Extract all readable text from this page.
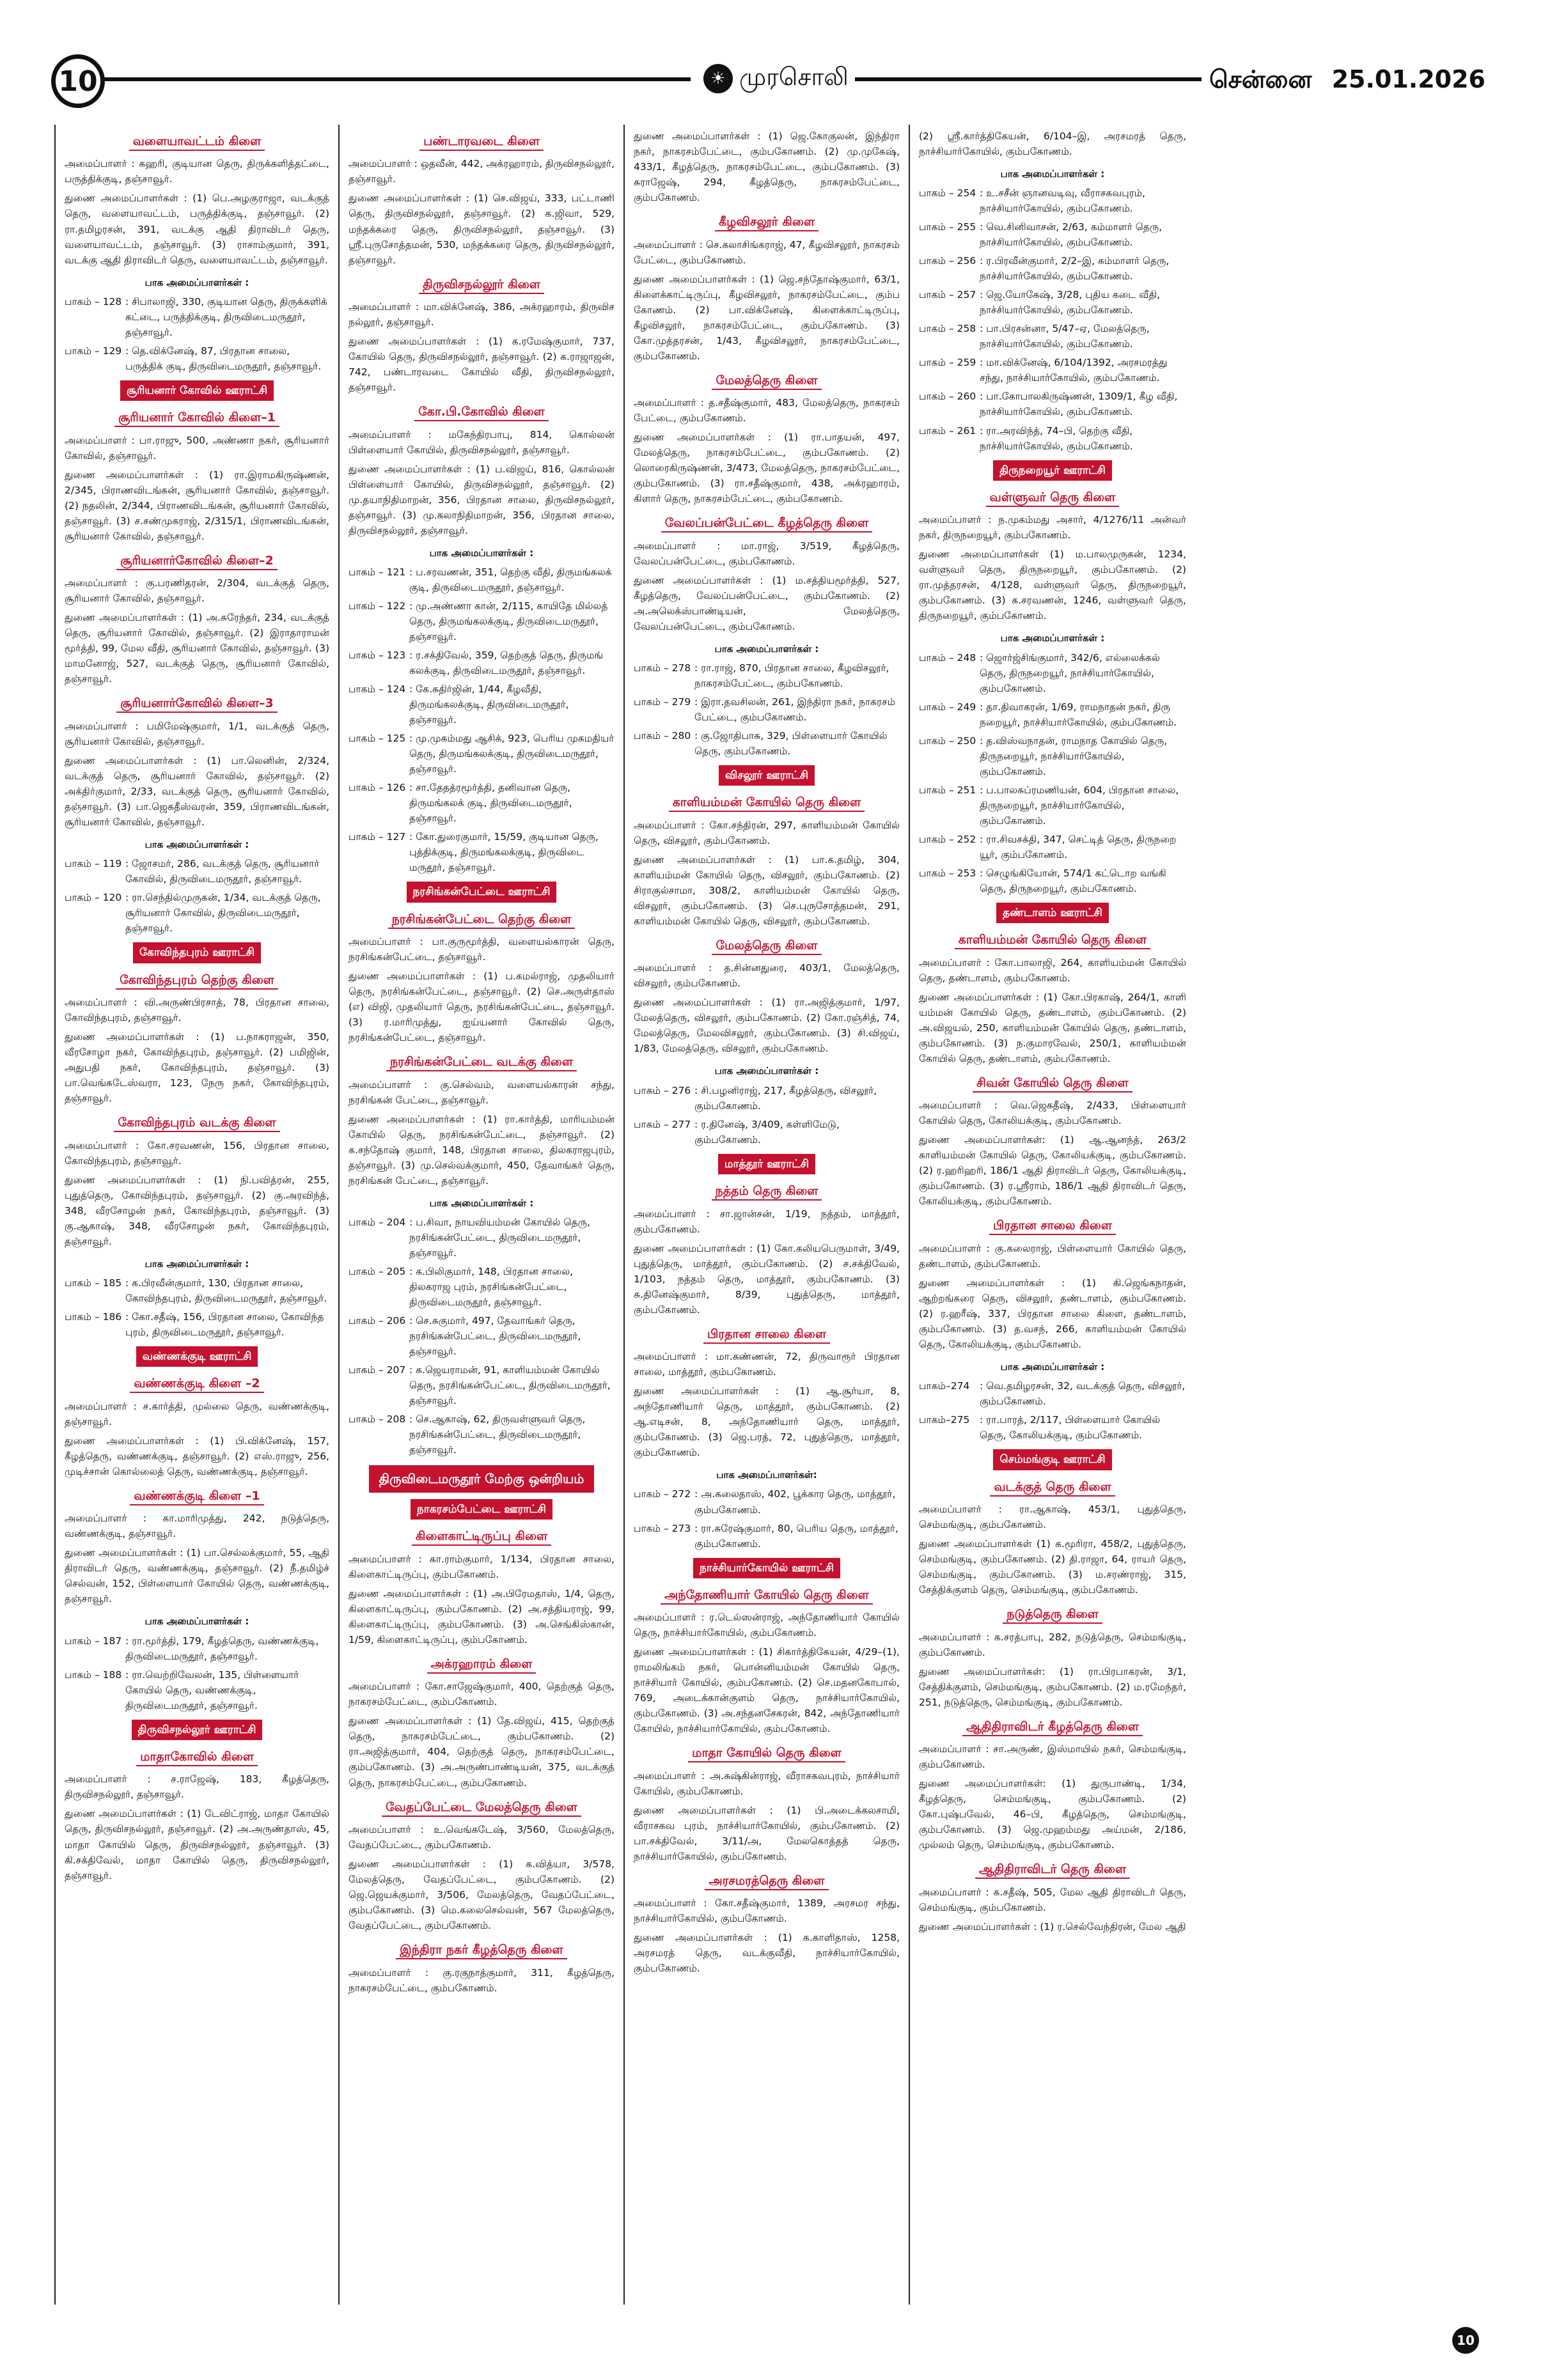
10	☀ முரசொலி	சென்னை 25.01.2026
வளையாவட்டம் கிளை

அமைப்பாளர் : கஹரி, குடியான தெரு, திருக்களித்தட்டை, பருத்திக்குடி, தஞ்சாவூர்.

துணை அமைப்பாளர்கள் : (1) பெ.அழகுராஜா, வடக்குத் தெரு, வளையாவட்டம், பருத்திக்குடி, தஞ்சாவூர். (2) ரா.தமிழரசன், 391, வடக்கு ஆதி திராவிடர் தெரு, வளையாவட்டம், தஞ்சாவூர். (3) ராசாம்குமார், 391, வடக்கு ஆதி திராவிடர் தெரு, வளையாவட்டம், தஞ்சாவூர்.

பாக அமைப்பாளர்கள் :
பாகம் – 128 : சிபாலாஜி, 330, குடியான தெரு, திருக்களிக் கட்டை, பருத்திக்குடி, திருவிடைமருதூர், தஞ்சாவூர்.
பாகம் – 129 : தெ.விக்னேஷ், 87, பிரதான சாலை, பருத்திக் குடி, திருவிடைமருதூர், தஞ்சாவூர்.
சூரியனார் கோவில் ஊராட்சி
சூரியனார் கோவில் கிளை–1

அமைப்பாளர் : பா.ராஜு, 500, அண்ணா நகர், சூரியனார் கோவில், தஞ்சாவூர்.

துணை அமைப்பாளர்கள் : (1) ரா.இராமகிருஷ்ணன், 2/345, பிராணவிடங்கன், சூரியனார் கோவில், தஞ்சாவூர். (2) நதலின், 2/344, பிராணவிடங்கன், சூரியனார் கோவில், தஞ்சாவூர். (3) ச.சண்முகராஜ், 2/315/1, பிராணவிடங்கன், சூரியனார் கோவில், தஞ்சாவூர்.

சூரியனார்கோவில் கிளை–2

அமைப்பாளர் : கு.பரணிதரன், 2/304, வடக்குத் தெரு, சூரியனார் கோவில், தஞ்சாவூர்.

துணை அமைப்பாளர்கள் : (1) அ.சுரேந்தர், 234, வடக்குத் தெரு, சூரியனார் கோவில், தஞ்சாவூர். (2) இராதாராமன் மூர்த்தி, 99, மேல வீதி, சூரியனார் கோவில், தஞ்சாவூர். (3) மாமனோஜ், 527, வடக்குத் தெரு, சூரியனார் கோவில், தஞ்சாவூர்.

சூரியனார்கோவில் கிளை–3

அமைப்பாளர் : பமிமேஷ்குமார், 1/1, வடக்குத் தெரு, சூரியனார் கோவில், தஞ்சாவூர்.

துணை அமைப்பாளர்கள் : (1) பா.லெனின், 2/324, வடக்குத் தெரு, சூரியனார் கோவில், தஞ்சாவூர். (2) அக்திர்குமார், 2/33, வடக்குத் தெரு, சூரியனார் கோவில், தஞ்சாவூர். (3) பா.ஜெகதீஸ்வரன், 359, பிராணவிடங்கன், சூரியனார் கோவில், தஞ்சாவூர்.

பாக அமைப்பாளர்கள் :
பாகம் – 119 : ஜோசமர், 286, வடக்குத் தெரு, சூரியனார் கோவில், திருவிடைமருதூர், தஞ்சாவூர்.
பாகம் – 120 : ரா.செந்தில்முருகன், 1/34, வடக்குத் தெரு, சூரியனார் கோவில், திருவிடைமருதூர், தஞ்சாவூர்.
கோவிந்தபுரம் ஊராட்சி
கோவிந்தபுரம் தெற்கு கிளை

அமைப்பாளர் : வி.அருண்பிரசாத், 78, பிரதான சாலை, கோவிந்தபுரம், தஞ்சாவூர்.

துணை அமைப்பாளர்கள் : (1) ப.நாகராஜன், 350, வீரசோழா நகர், கோவிந்தபுரம், தஞ்சாவூர். (2) பமிஜின், அதுபதி நகர், கோவிந்தபுரம், தஞ்சாவூர். (3) பா.வெங்கடேஸ்வரா, 123, நேரு நகர், கோவிந்தபுரம், தஞ்சாவூர்.

கோவிந்தபுரம் வடக்கு கிளை

அமைப்பாளர் : கோ.சரவணன், 156, பிரதான சாலை, கோவிந்தபுரம், தஞ்சாவூர்.

துணை அமைப்பாளர்கள் : (1) நி.பவித்ரன், 255, புதுத்தெரு, கோவிந்தபுரம், தஞ்சாவூர். (2) கு.அரவிந்த், 348, வீரசோழன் நகர், கோவிந்தபுரம், தஞ்சாவூர். (3) கு.ஆகாஷ், 348, வீரசோழன் நகர், கோவிந்தபுரம், தஞ்சாவூர்.

பாக அமைப்பாளர்கள் :
பாகம் – 185 : க.பிரவீன்குமார், 130, பிரதான சாலை, கோவிந்தபுரம், திருவிடைமருதூர், தஞ்சாவூர்.
பாகம் – 186 : கோ.சதீஷ், 156, பிரதான சாலை, கோவிந்த புரம், திருவிடைமருதூர், தஞ்சாவூர்.
வண்ணக்குடி ஊராட்சி
வண்ணக்குடி கிளை –2

அமைப்பாளர் : ச.கார்த்தி, முல்லை தெரு, வண்ணக்குடி, தஞ்சாவூர்.

துணை அமைப்பாளர்கள் : (1) பி.விக்னேஷ், 157, கீழத்தெரு, வண்ணக்குடி, தஞ்சாவூர். (2) எஸ்.ராஜு, 256, முடிச்சான் கொல்லைத் தெரு, வண்ணக்குடி, தஞ்சாவூர்.

வண்ணக்குடி கிளை –1

அமைப்பாளர் : கா.மாரிமுத்து, 242, நடுத்தெரு, வண்ணக்குடி, தஞ்சாவூர்.

துணை அமைப்பாளர்கள் : (1) பா.செல்லக்குமார், 55, ஆதி திராவிடர் தெரு, வண்ணக்குடி, தஞ்சாவூர். (2) நீ.தமிழ்ச் செல்வன், 152, பிள்ளையார் கோயில் தெரு, வண்ணக்குடி, தஞ்சாவூர்.

பாக அமைப்பாளர்கள் :
பாகம் – 187 : ரா.மூர்த்தி, 179, கீழத்தெரு, வண்ணக்குடி, திருவிடைமருதூர், தஞ்சாவூர்.
பாகம் – 188 : ரா.வெற்றிவேலன், 135, பிள்ளையார் கோயில் தெரு, வண்ணக்குடி, திருவிடைமருதூர், தஞ்சாவூர்.
திருவிசநல்லூர் ஊராட்சி
மாதாகோவில் கிளை

அமைப்பாளர் : ச.ராஜேஷ், 183, கீழத்தெரு, திருவிசநல்லூர், தஞ்சாவூர்.

துணை அமைப்பாளர்கள் : (1) டேவிட்ராஜ், மாதா கோயில் தெரு, திருவிசநல்லூர், தஞ்சாவூர். (2) அ.அருண்தாஸ், 45, மாதா கோயில் தெரு, திருவிசநல்லூர், தஞ்சாவூர். (3) கி.சக்திவேல், மாதா கோயில் தெரு, திருவிசநல்லூர், தஞ்சாவூர்.

பண்டாரவடை கிளை

அமைப்பாளர் : ஒதவீன், 442, அக்ரஹாரம், திருவிசநல்லூர், தஞ்சாவூர்.

துணை அமைப்பாளர்கள் : (1) செ.விஜய், 333, பட்டாணி தெரு, திருவிசநல்லூர், தஞ்சாவூர். (2) க.ஜிவா, 529, மந்தக்கரை தெரு, திருவிசநல்லூர், தஞ்சாவூர். (3) ஸ்ரீ.புருசோத்தமன், 530, மந்தக்கரை தெரு, திருவிசநல்லூர், தஞ்சாவூர்.

திருவிசநல்லூர் கிளை

அமைப்பாளர் : மா.விக்னேஷ், 386, அக்ரஹாரம், திருவிச நல்லூர், தஞ்சாவூர்.

துணை அமைப்பாளர்கள் : (1) க.ரமேஷ்குமார், 737, கோயில் தெரு, திருவிசநல்லூர், தஞ்சாவூர். (2) க.ராஜாஜன், 742, பண்டாரவடை கோயில் வீதி, திருவிசநல்லூர், தஞ்சாவூர்.

கோ.பி.கோவில் கிளை

அமைப்பாளர் : மகேந்திரபாபு, 814, கொல்லன் பிள்ளையார் கோயில், திருவிசநல்லூர், தஞ்சாவூர்.

துணை அமைப்பாளர்கள் : (1) ப.விஜய், 816, கொல்லன் பிள்ளையார் கோயில், திருவிசநல்லூர், தஞ்சாவூர். (2) மு.தயாநிதிமாறன், 356, பிரதான சாலை, திருவிசநல்லூர், தஞ்சாவூர். (3) மு.கலாநிதிமாறன், 356, பிரதான சாலை, திருவிசநல்லூர், தஞ்சாவூர்.

பாக அமைப்பாளர்கள் :
பாகம் – 121 : ப.சரவணன், 351, தெற்கு வீதி, திருமங்கலக் குடி, திருவிடைமருதூர், தஞ்சாவூர்.
பாகம் – 122 : மு.அண்ணா கான், 2/115, காயிதே மில்லத் தெரு, திருமங்கலக்குடி, திருவிடைமருதூர், தஞ்சாவூர்.
பாகம் – 123 : ர.சக்திவேல், 359, தெற்குத் தெரு, திருமங் கலக்குடி, திருவிடைமருதூர், தஞ்சாவூர்.
பாகம் – 124 : கே.சுதிர்ஜின், 1/44, கீழவீதி, திருமங்கலக்குடி, திருவிடைமருதூர், தஞ்சாவூர்.
பாகம் – 125 : மு.முகம்மது ஆசிக், 923, பெரிய முகமதியர் தெரு, திருமங்கலக்குடி, திருவிடைமருதூர், தஞ்சாவூர்.
பாகம் – 126 : சா.தேதத்ரமூர்த்தி, தனிவான தெரு, திருமங்கலக் குடி, திருவிடைமருதூர், தஞ்சாவூர்.
பாகம் – 127 : கோ.துரைகுமார், 15/59, குடியான தெரு, புத்திக்குடி, திருமங்கலக்குடி, திருவிடை மருதூர், தஞ்சாவூர்.
நரசிங்கன்பேட்டை ஊராட்சி
நரசிங்கன்பேட்டை தெற்கு கிளை

அமைப்பாளர் : பா.குருமூர்த்தி, வளையல்காரன் தெரு, நரசிங்கன்பேட்டை, தஞ்சாவூர்.

துணை அமைப்பாளர்கள் : (1) ப.கமல்ராஜ், முதலியார் தெரு, நரசிங்கன்பேட்டை, தஞ்சாவூர். (2) செ.அருள்தாஸ் (எ) விஜி, முதலியார் தெரு, நரசிங்கன்பேட்டை, தஞ்சாவூர். (3) ர.மாரிமுத்து, ஐய்யனார் கோவில் தெரு, நரசிங்கன்பேட்டை, தஞ்சாவூர்.

நரசிங்கன்பேட்டை வடக்கு கிளை

அமைப்பாளர் : கு.செல்வம், வளையல்காரன் சந்து, நரசிங்கன் பேட்டை, தஞ்சாவூர்.

துணை அமைப்பாளர்கள் : (1) ரா.கார்த்தி, மாரியம்மன் கோயில் தெரு, நரசிங்கன்பேட்டை, தஞ்சாவூர். (2) க.சந்தோஷ் குமார், 148, பிரதான சாலை, திலகராஜபுரம், தஞ்சாவூர். (3) மு.செல்வக்குமார், 450, தேவாங்கர் தெரு, நரசிங்கன் பேட்டை, தஞ்சாவூர்.

பாக அமைப்பாளர்கள் :
பாகம் – 204 : ப.சிவா, நாயவியம்மன் கோயில் தெரு, நரசிங்கன்பேட்டை, திருவிடைமருதூர், தஞ்சாவூர்.
பாகம் – 205 : க.பிலிகுமார், 148, பிரதான சாலை, திலகராஜ புரம், நரசிங்கன்பேட்டை, திருவிடைமருதூர், தஞ்சாவூர்.
பாகம் – 206 : செ.சுகுமார், 497, தேவாங்கர் தெரு, நரசிங்கன்பேட்டை, திருவிடைமருதூர், தஞ்சாவூர்.
பாகம் – 207 : க.ஜெயராமன், 91, காளியம்மன் கோயில் தெரு, நரசிங்கன்பேட்டை, திருவிடைமருதூர், தஞ்சாவூர்.
பாகம் – 208 : செ.ஆகாஷ், 62, திருவள்ளுவர் தெரு, நரசிங்கன்பேட்டை, திருவிடைமருதூர், தஞ்சாவூர்.
திருவிடைமருதூர் மேற்கு ஒன்றியம்
நாகரசம்பேட்டை ஊராட்சி
கிளைகாட்டிருப்பு கிளை

அமைப்பாளர் : கா.ராம்குமார், 1/134, பிரதான சாலை, கிளைகாட்டிருப்பு, கும்பகோணம்.

துணை அமைப்பாளர்கள் : (1) அ.பிரேமதாஸ், 1/4, தெரு, கிளைகாட்டிருப்பு, கும்பகோணம். (2) அ.சத்தியராஜ், 99, கிளைகாட்டிருப்பு, கும்பகோணம். (3) அ.செங்கிஸ்கான், 1/59, கிளைகாட்டிருப்பு, கும்பகோணம்.

அக்ரஹாரம் கிளை

அமைப்பாளர் : கோ.சாஜேஷ்குமார், 400, தெற்குத் தெரு, நாகரசம்பேட்டை, கும்பகோணம்.

துணை அமைப்பாளர்கள் : (1) தே.விஜய், 415, தெற்குத் தெரு, நாகரசம்பேட்டை, கும்பகோணம். (2) ரா.அஜித்குமார், 404, தெற்குத் தெரு, நாகரசம்பேட்டை, கும்பகோணம். (3) அ.அருண்பாண்டியன், 375, வடக்குத் தெரு, நாகரசம்பேட்டை, கும்பகோணம்.

வேதப்பேட்டை மேலத்தெரு கிளை

அமைப்பாளர் : உ.வெங்கடேஷ், 3/560, மேலத்தெரு, வேதப்பேட்டை, கும்பகோணம்.

துணை அமைப்பாளர்கள் : (1) க.வித்யா, 3/578, மேலத்தெரு, வேதப்பேட்டை, கும்பகோணம். (2) ஜெ.ஜெயக்குமார், 3/506, மேலத்தெரு, வேதப்பேட்டை, கும்பகோணம். (3) மெ.கலைசெல்வன், 567 மேலத்தெரு, வேதப்பேட்டை, கும்பகோணம்.

இந்திரா நகர் கீழத்தெரு கிளை

அமைப்பாளர் : கு.ரகுநாத்குமார், 311, கீழத்தெரு, நாகரசம்பேட்டை, கும்பகோணம்.

துணை அமைப்பாளர்கள் : (1) ஜெ.கோகுலன், இந்திரா நகர், நாகரசம்பேட்டை, கும்பகோணம். (2) மு.முகேஷ், 433/1, கீழத்தெரு, நாகரசம்பேட்டை, கும்பகோணம். (3) சுராஜேஷ், 294, கீழத்தெரு, நாகரசம்பேட்டை, கும்பகோணம்.

கீழவிசலூர் கிளை

அமைப்பாளர் : செ.கலாசிங்கராஜ், 47, கீழவிசலூர், நாகரசம் பேட்டை, கும்பகோணம்.

துணை அமைப்பாளர்கள் : (1) ஜெ.சந்தோஷ்குமார், 63/1, கிளைக்காட்டிருப்பு, கீழவிசலூர், நாகரசம்பேட்டை, கும்ப கோணம். (2) பா.விக்னேஷ், கிளைக்காட்டிருப்பு, கீழவிசலூர், நாகரசம்பேட்டை, கும்பகோணம். (3) கோ.முத்தரசன், 1/43, கீழவிசலூர், நாகரசம்பேட்டை, கும்பகோணம்.

மேலத்தெரு கிளை

அமைப்பாளர் : த.சதீஷ்குமார், 483, மேலத்தெரு, நாகரசம் பேட்டை, கும்பகோணம்.

துணை அமைப்பாளர்கள் : (1) ரா.பாதயன், 497, மேலத்தெரு, நாகரசம்பேட்டை, கும்பகோணம். (2) லொரைகிருஷ்ணன், 3/473, மேலத்தெரு, நாகரசம்பேட்டை, கும்பகோணம். (3) ரா.சதீஷ்குமார், 438, அக்ரஹாரம், கிளார் தெரு, நாகரசம்பேட்டை, கும்பகோணம்.

வேலப்பன்பேட்டை கீழத்தெரு கிளை

அமைப்பாளர் : மா.ராஜ், 3/519, கீழத்தெரு, வேலப்பன்பேட்டை, கும்பகோணம்.

துணை அமைப்பாளர்கள் : (1) ம.சத்தியமூர்த்தி, 527, கீழத்தெரு, வேலப்பன்பேட்டை, கும்பகோணம். (2) அ.அலெக்ஸ்பாண்டியன், மேலத்தெரு, வேலப்பன்பேட்டை, கும்பகோணம்.

பாக அமைப்பாளர்கள் :
பாகம் – 278 : ரா.ராஜ், 870, பிரதான சாலை, கீழவிசலூர், நாகரசம்பேட்டை, கும்பகோணம்.
பாகம் – 279 : இரா.தவசிலன், 261, இந்திரா நகர், நாகரசம் பேட்டை, கும்பகோணம்.
பாகம் – 280 : கு.ஜோதிபாசு, 329, பிள்ளையார் கோயில் தெரு, கும்பகோணம்.
விசலூர் ஊராட்சி
காளியம்மன் கோயில் தெரு கிளை

அமைப்பாளர் : கோ.சந்திரன், 297, காளியம்மன் கோயில் தெரு, விசலூர், கும்பகோணம்.

துணை அமைப்பாளர்கள் : (1) பா.க.தமிழ், 304, காளியம்மன் கோயில் தெரு, விசலூர், கும்பகோணம். (2) சிராகுல்சாமா, 308/2, காளியம்மன் கோயில் தெரு, விசலூர், கும்பகோணம். (3) செ.புருசோத்தமன், 291, காளியம்மன் கோயில் தெரு, விசலூர், கும்பகோணம்.

மேலத்தெரு கிளை

அமைப்பாளர் : த.சின்னதுரை, 403/1, மேலத்தெரு, விசலூர், கும்பகோணம்.

துணை அமைப்பாளர்கள் : (1) ரா.அஜித்குமார், 1/97, மேலத்தெரு, விசலூர், கும்பகோணம். (2) கோ.ரஞ்சித், 74, மேலத்தெரு, மேலவிசலூர், கும்பகோணம். (3) சி.விஜய், 1/83, மேலத்தெரு, விசலூர், கும்பகோணம்.

பாக அமைப்பாளர்கள் :
பாகம் – 276 : சி.பழனிராஜ், 217, கீழத்தெரு, விசலூர், கும்பகோணம்.
பாகம் – 277 : ர.தினேஷ், 3/409, கள்ளிமேடு, கும்பகோணம்.
மாத்தூர் ஊராட்சி
நத்தம் தெரு கிளை

அமைப்பாளர் : சா.ஜான்சன், 1/19, நத்தம், மாத்தூர், கும்பகோணம்.

துணை அமைப்பாளர்கள் : (1) கோ.கலியபெருமாள், 3/49, புதுத்தெரு, மாத்தூர், கும்பகோணம். (2) ச.சக்திவேல், 1/103, நத்தம் தெரு, மாத்தூர், கும்பகோணம். (3) சு.தினேஷ்குமார், 8/39, புதுத்தெரு, மாத்தூர், கும்பகோணம்.

பிரதான சாலை கிளை

அமைப்பாளர் : மா.கண்ணன், 72, திருவாரூர் பிரதான சாலை, மாத்தூர், கும்பகோணம்.

துணை அமைப்பாளர்கள் : (1) ஆ.சூர்யா, 8, அந்தோணியார் தெரு, மாத்தூர், கும்பகோணம். (2) ஆ.எடிசன், 8, அந்தோணியார் தெரு, மாத்தூர், கும்பகோணம். (3) ஜெ.பரத், 72, புதுத்தெரு, மாத்தூர், கும்பகோணம்.

பாக அமைப்பாளர்கள்:
பாகம் – 272 : அ.கலைதாஸ், 402, பூக்கார தெரு, மாத்தூர், கும்பகோணம்.
பாகம் – 273 : ரா.சுரேஷ்குமார், 80, பெரிய தெரு, மாத்தூர், கும்பகோணம்.
நாச்சியார்கோயில் ஊராட்சி
அந்தோணியார் கோயில் தெரு கிளை

அமைப்பாளர் : ர.டெல்ஸன்ராஜ், அந்தோணியார் கோயில் தெரு, நாச்சியார்கோயில், கும்பகோணம்.

துணை அமைப்பாளர்கள் : (1) சிகார்த்திகேயன், 4/29–(1), ராமலிங்கம் நகர், பொன்னியம்மன் கோயில் தெரு, நாச்சியார் கோயில், கும்பகோணம். (2) செ.மதனகோபால், 769, அடைக்கான்குளம் தெரு, நாச்சியார்கோயில், கும்பகோணம். (3) அ.சந்தனசேகரன், 842, அந்தோணியார் கோயில், நாச்சியார்கோயில், கும்பகோணம்.

மாதா கோயில் தெரு கிளை

அமைப்பாளர் : அ.சுஷ்கின்ராஜ், வீராசகவபுரம், நாச்சியார் கோயில், கும்பகோணம்.

துணை அமைப்பாளர்கள் : (1) பி.அடைக்கலசாமி, வீராசகவ புரம், நாச்சியார்கோயில், கும்பகோணம். (2) பா.சக்திவேல், 3/11/அ, மேலகொத்தத் தெரு, நாச்சியார்கோயில், கும்பகோணம்.

அரசமரத்தெரு கிளை

அமைப்பாளர் : கோ.சதீஷ்குமார், 1389, அரசமர சந்து, நாச்சியார்கோயில், கும்பகோணம்.

துணை அமைப்பாளர்கள் : (1) க.காளிதாஸ், 1258, அரசமரத் தெரு, வடக்குவீதி, நாச்சியார்கோயில், கும்பகோணம்.

(2) ஸ்ரீ.கார்த்திகேயன், 6/104–இ, அரசமரத் தெரு, நாச்சியார்கோயில், கும்பகோணம்.

பாக அமைப்பாளர்கள் :
பாகம் – 254 : உ.சசீன் ஞானவடிவு, வீராசகவபுரம், நாச்சியார்கோயில், கும்பகோணம்.
பாகம் – 255 : வெ.சினிவாசன், 2/63, கம்மாளர் தெரு, நாச்சியார்கோயில், கும்பகோணம்.
பாகம் – 256 : ர.பிரவீன்குமார், 2/2–இ, கம்மாளர் தெரு, நாச்சியார்கோயில், கும்பகோணம்.
பாகம் – 257 : ஜெ.யோகேஷ், 3/28, புதிய கடை வீதி, நாச்சியார்கோயில், கும்பகோணம்.
பாகம் – 258 : பா.பிரசன்னா, 5/47–ஏ, மேலத்தெரு, நாச்சியார்கோயில், கும்பகோணம்.
பாகம் – 259 : மா.விக்னேஷ், 6/104/1392, அரசமரத்து சந்து, நாச்சியார்கோயில், கும்பகோணம்.
பாகம் – 260 : பா.கோபாலகிருஷ்ணன், 1309/1, கீழ வீதி, நாச்சியார்கோயில், கும்பகோணம்.
பாகம் – 261 : ரா.அரவிந்த், 74–பி, தெற்கு வீதி, நாச்சியார்கோயில், கும்பகோணம்.
திருநறையூர் ஊராட்சி
வள்ளுவர் தெரு கிளை

அமைப்பாளர் : ந.முகம்மது அசார், 4/1276/11 அன்வர் நகர், திருநறையூர், கும்பகோணம்.

துணை அமைப்பாளர்கள் (1) ம.பாலமுருகன், 1234, வள்ளுவர் தெரு, திருநறையூர், கும்பகோணம். (2) ரா.முத்தரசன், 4/128, வள்ளுவர் தெரு, திருநறையூர், கும்பகோணம். (3) க.சரவணன், 1246, வள்ளுவர் தெரு, திருநறையூர், கும்பகோணம்.

பாக அமைப்பாளர்கள் :
பாகம் – 248 : ஜொர்ஜ்சிங்குமார், 342/6, எல்லைக்கல் தெரு, திருநறையூர், நாச்சியார்கோயில், கும்பகோணம்.
பாகம் – 249 : தா.திவாகரன், 1/69, ராமநாதன் நகர், திரு நறையூர், நாச்சியார்கோயில், கும்பகோணம்.
பாகம் – 250 : த.விஸ்வநாதன், ராமநாத கோயில் தெரு, திருநறையூர், நாச்சியார்கோயில், கும்பகோணம்.
பாகம் – 251 : ப.பாலசுப்ரமணியன், 604, பிரதான சாலை, திருநறையூர், நாச்சியார்கோயில், கும்பகோணம்.
பாகம் – 252 : ரா.சிவசக்தி, 347, செட்டித் தெரு, திருநறை யூர், கும்பகோணம்.
பாகம் – 253 : செழுங்கியோன், 574/1 கட்டொற வங்கி தெரு, திருநறையூர், கும்பகோணம்.
தண்டாளம் ஊராட்சி
காளியம்மன் கோயில் தெரு கிளை

அமைப்பாளர் : கோ.பாலாஜி, 264, காளியம்மன் கோயில் தெரு, தண்டாளம், கும்பகோணம்.

துணை அமைப்பாளர்கள் : (1) கோ.பிரகாஷ், 264/1, காளி யம்மன் கோயில் தெரு, தண்டாளம், கும்பகோணம். (2) அ.விஜயல், 250, காளியம்மன் கோயில் தெரு, தண்டாளம், கும்பகோணம். (3) ந.குமாரவேல், 250/1, காளியம்மன் கோயில் தெரு, தண்டாளம், கும்பகோணம்.

சிவன் கோயில் தெரு கிளை

அமைப்பாளர் : வெ.ஜெகதீஷ், 2/433, பிள்ளையார் கோயில் தெரு, கோலியக்குடி, கும்பகோணம்.

துணை அமைப்பாளர்கள்: (1) ஆ.ஆனந்த், 263/2 காளியம்மன் கோயில் தெரு, கோலியக்குடி, கும்பகோணம். (2) ர.ஹரிஹரி, 186/1 ஆதி திராவிடர் தெரு, கோலியக்குடி, கும்பகோணம். (3) ர.ஸ்ரீராம், 186/1 ஆதி திராவிடர் தெரு, கோலியக்குடி, கும்பகோணம்.

பிரதான சாலை கிளை

அமைப்பாளர் : கு.கலைராஜ், பிள்ளையார் கோயில் தெரு, தண்டாளம், கும்பகோணம்.

துணை அமைப்பாளர்கள் : (1) கி.ஜெங்கநாதன், ஆற்றங்கரை தெரு, விசலூர், தண்டாளம், கும்பகோணம். (2) ர.ஹரீஷ், 337, பிரதான சாலை கிளை, தண்டாளம், கும்பகோணம். (3) த.வசந், 266, காளியம்மன் கோயில் தெரு, கோலியக்குடி, கும்பகோணம்.

பாக அமைப்பாளர்கள் :
பாகம்–274	: வெ.தமிழரசன், 32, வடக்குத் தெரு, விசலூர், கும்பகோணம்.
பாகம்–275	: ரா.பாரத், 2/117, பிள்ளையார் கோயில் தெரு, கோலியக்குடி, கும்பகோணம்.
செம்மங்குடி ஊராட்சி
வடக்குத் தெரு கிளை

அமைப்பாளர் : ரா.ஆகாஷ், 453/1, புதுத்தெரு, செம்மங்குடி, கும்பகோணம்.

துணை அமைப்பாளர்கள் (1) க.மூரிரா, 458/2, புதுத்தெரு, செம்மங்குடி, கும்பகோணம். (2) தி.ராஜா, 64, ராயர் தெரு, செம்மங்குடி, கும்பகோணம். (3) ம.சரண்ராஜ், 315, சேத்திக்குளம் தெரு, செம்மங்குடி, கும்பகோணம்.

நடுத்தெரு கிளை

அமைப்பாளர் : க.சரத்பாபு, 282, நடுத்தெரு, செம்மங்குடி, கும்பகோணம்.

துணை அமைப்பாளர்கள்: (1) ரா.பிரபாகரன், 3/1, சேத்திக்குளம், செம்மங்குடி, கும்பகோணம். (2) ம.ரமேந்தர், 251, நடுத்தெரு, செம்மங்குடி, கும்பகோணம்.

ஆதிதிராவிடர் கீழத்தெரு கிளை

அமைப்பாளர் : சா.அருண், இஸ்மாயில் நகர், செம்மங்குடி, கும்பகோணம்.

துணை அமைப்பாளர்கள்: (1) துருபாண்டி, 1/34, கீழத்தெரு, செம்மங்குடி, கும்பகோணம். (2) கோ.புஷ்பவேல், 46–பி, கீழத்தெரு, செம்மங்குடி, கும்பகோணம். (3) ஜெ.முஹம்மது அய்மன், 2/186, முல்லம் தெரு, செம்மங்குடி, கும்பகோணம்.

ஆதிதிராவிடர் தெரு கிளை

அமைப்பாளர் : க.சதீஷ், 505, மேல ஆதி திராவிடர் தெரு, செம்மங்குடி, கும்பகோணம்.

துணை அமைப்பாளர்கள் : (1) ர.செல்வேந்திரன், மேல ஆதி

10
